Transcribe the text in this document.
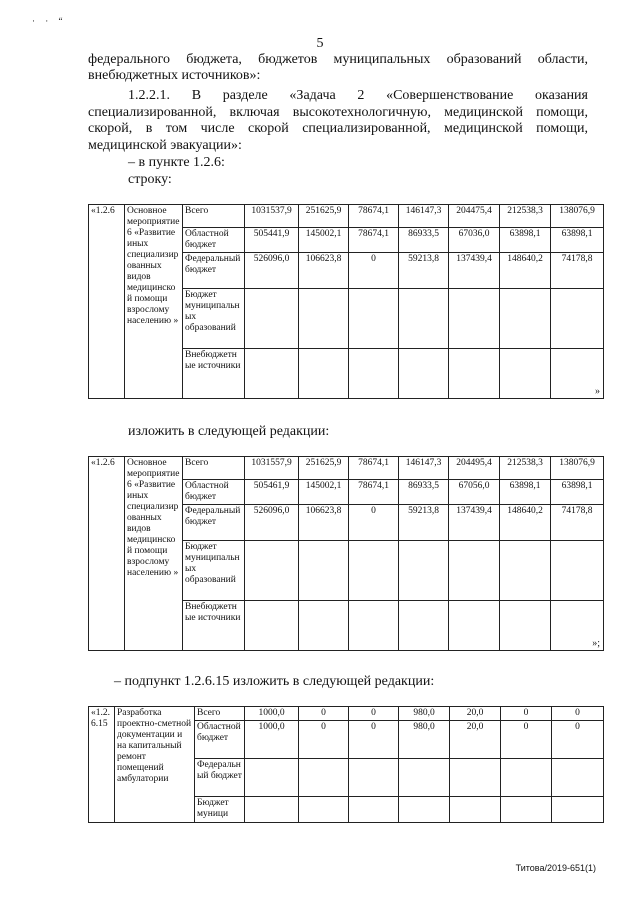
· · “
5
федерального бюджета, бюджетов муниципальных образований области,
внебюджетных источников»:
1.2.2.1. В разделе «Задача 2 «Совершенствование оказания специализированной, включая высокотехнологичную, медицинской помощи, скорой, в том числе скорой специализированной, медицинской помощи, медицинской эвакуации»:
– в пункте 1.2.6:
строку:
«1.2.6	Основное мероприятие 6 «Развитие иных специализированных видов медицинской помощи взрослому населению »	Всего	1031537,9	251625,9	78674,1	146147,3	204475,4	212538,3	138076,9
		Областной бюджет	505441,9	145002,1	78674,1	86933,5	67036,0	63898,1	63898,1
		Федеральный бюджет	526096,0	106623,8	0	59213,8	137439,4	148640,2	74178,8
		Бюджет муниципальных образований							
		Внебюджетные источники							»
изложить в следующей редакции:
«1.2.6	Основное мероприятие 6 «Развитие иных специализированных видов медицинской помощи взрослому населению »	Всего	1031557,9	251625,9	78674,1	146147,3	204495,4	212538,3	138076,9
		Областной бюджет	505461,9	145002,1	78674,1	86933,5	67056,0	63898,1	63898,1
		Федеральный бюджет	526096,0	106623,8	0	59213,8	137439,4	148640,2	74178,8
		Бюджет муниципальных образований							
		Внебюджетные источники							»;
– подпункт 1.2.6.15 изложить в следующей редакции:
«1.2.6.15	Разработка проектно-сметной документации и на капитальный ремонт помещений амбулатории	Всего	1000,0	0	0	980,0	20,0	0	0
		Областной бюджет	1000,0	0	0	980,0	20,0	0	0
		Федеральный бюджет							
		Бюджет муници							
Титова/2019-651(1)
